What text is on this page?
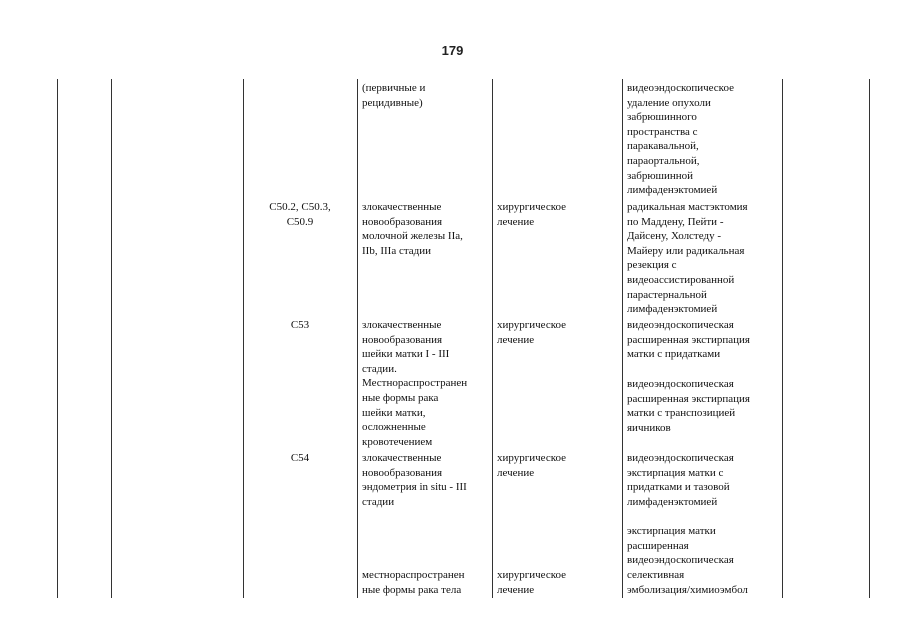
179

(первичные и
рецидивные)

видеоэндоскопическое
удаление опухоли
забрюшинного
пространства с
паракавальной,
параортальной,
забрюшинной
лимфаденэктомией

C50.2, C50.3,
C50.9

злокачественные
новообразования
молочной железы IIa,
IIb, IIIa стадии

хирургическое
лечение

радикальная мастэктомия
по Маддену, Пейти -
Дайсену, Холстеду -
Майеру или радикальная
резекция с
видеоассистированной
парастернальной
лимфаденэктомией

C53	злокачественные
новообразования
шейки матки I - III
стадии.
Местнораспространен
ные формы рака
шейки матки,
осложненные
кровотечением

хирургическое
лечение

видеоэндоскопическая
расширенная экстирпация
матки с придатками

видеоэндоскопическая
расширенная экстирпация
матки с транспозицией
яичников

C54	злокачественные
новообразования
эндометрия in situ - III
стадии

хирургическое
лечение

видеоэндоскопическая
экстирпация матки с
придатками и тазовой
лимфаденэктомией

экстирпация матки
расширенная
видеоэндоскопическая

местнораспространен
ные формы рака тела

хирургическое
лечение

селективная
эмболизация/химиоэмбол
